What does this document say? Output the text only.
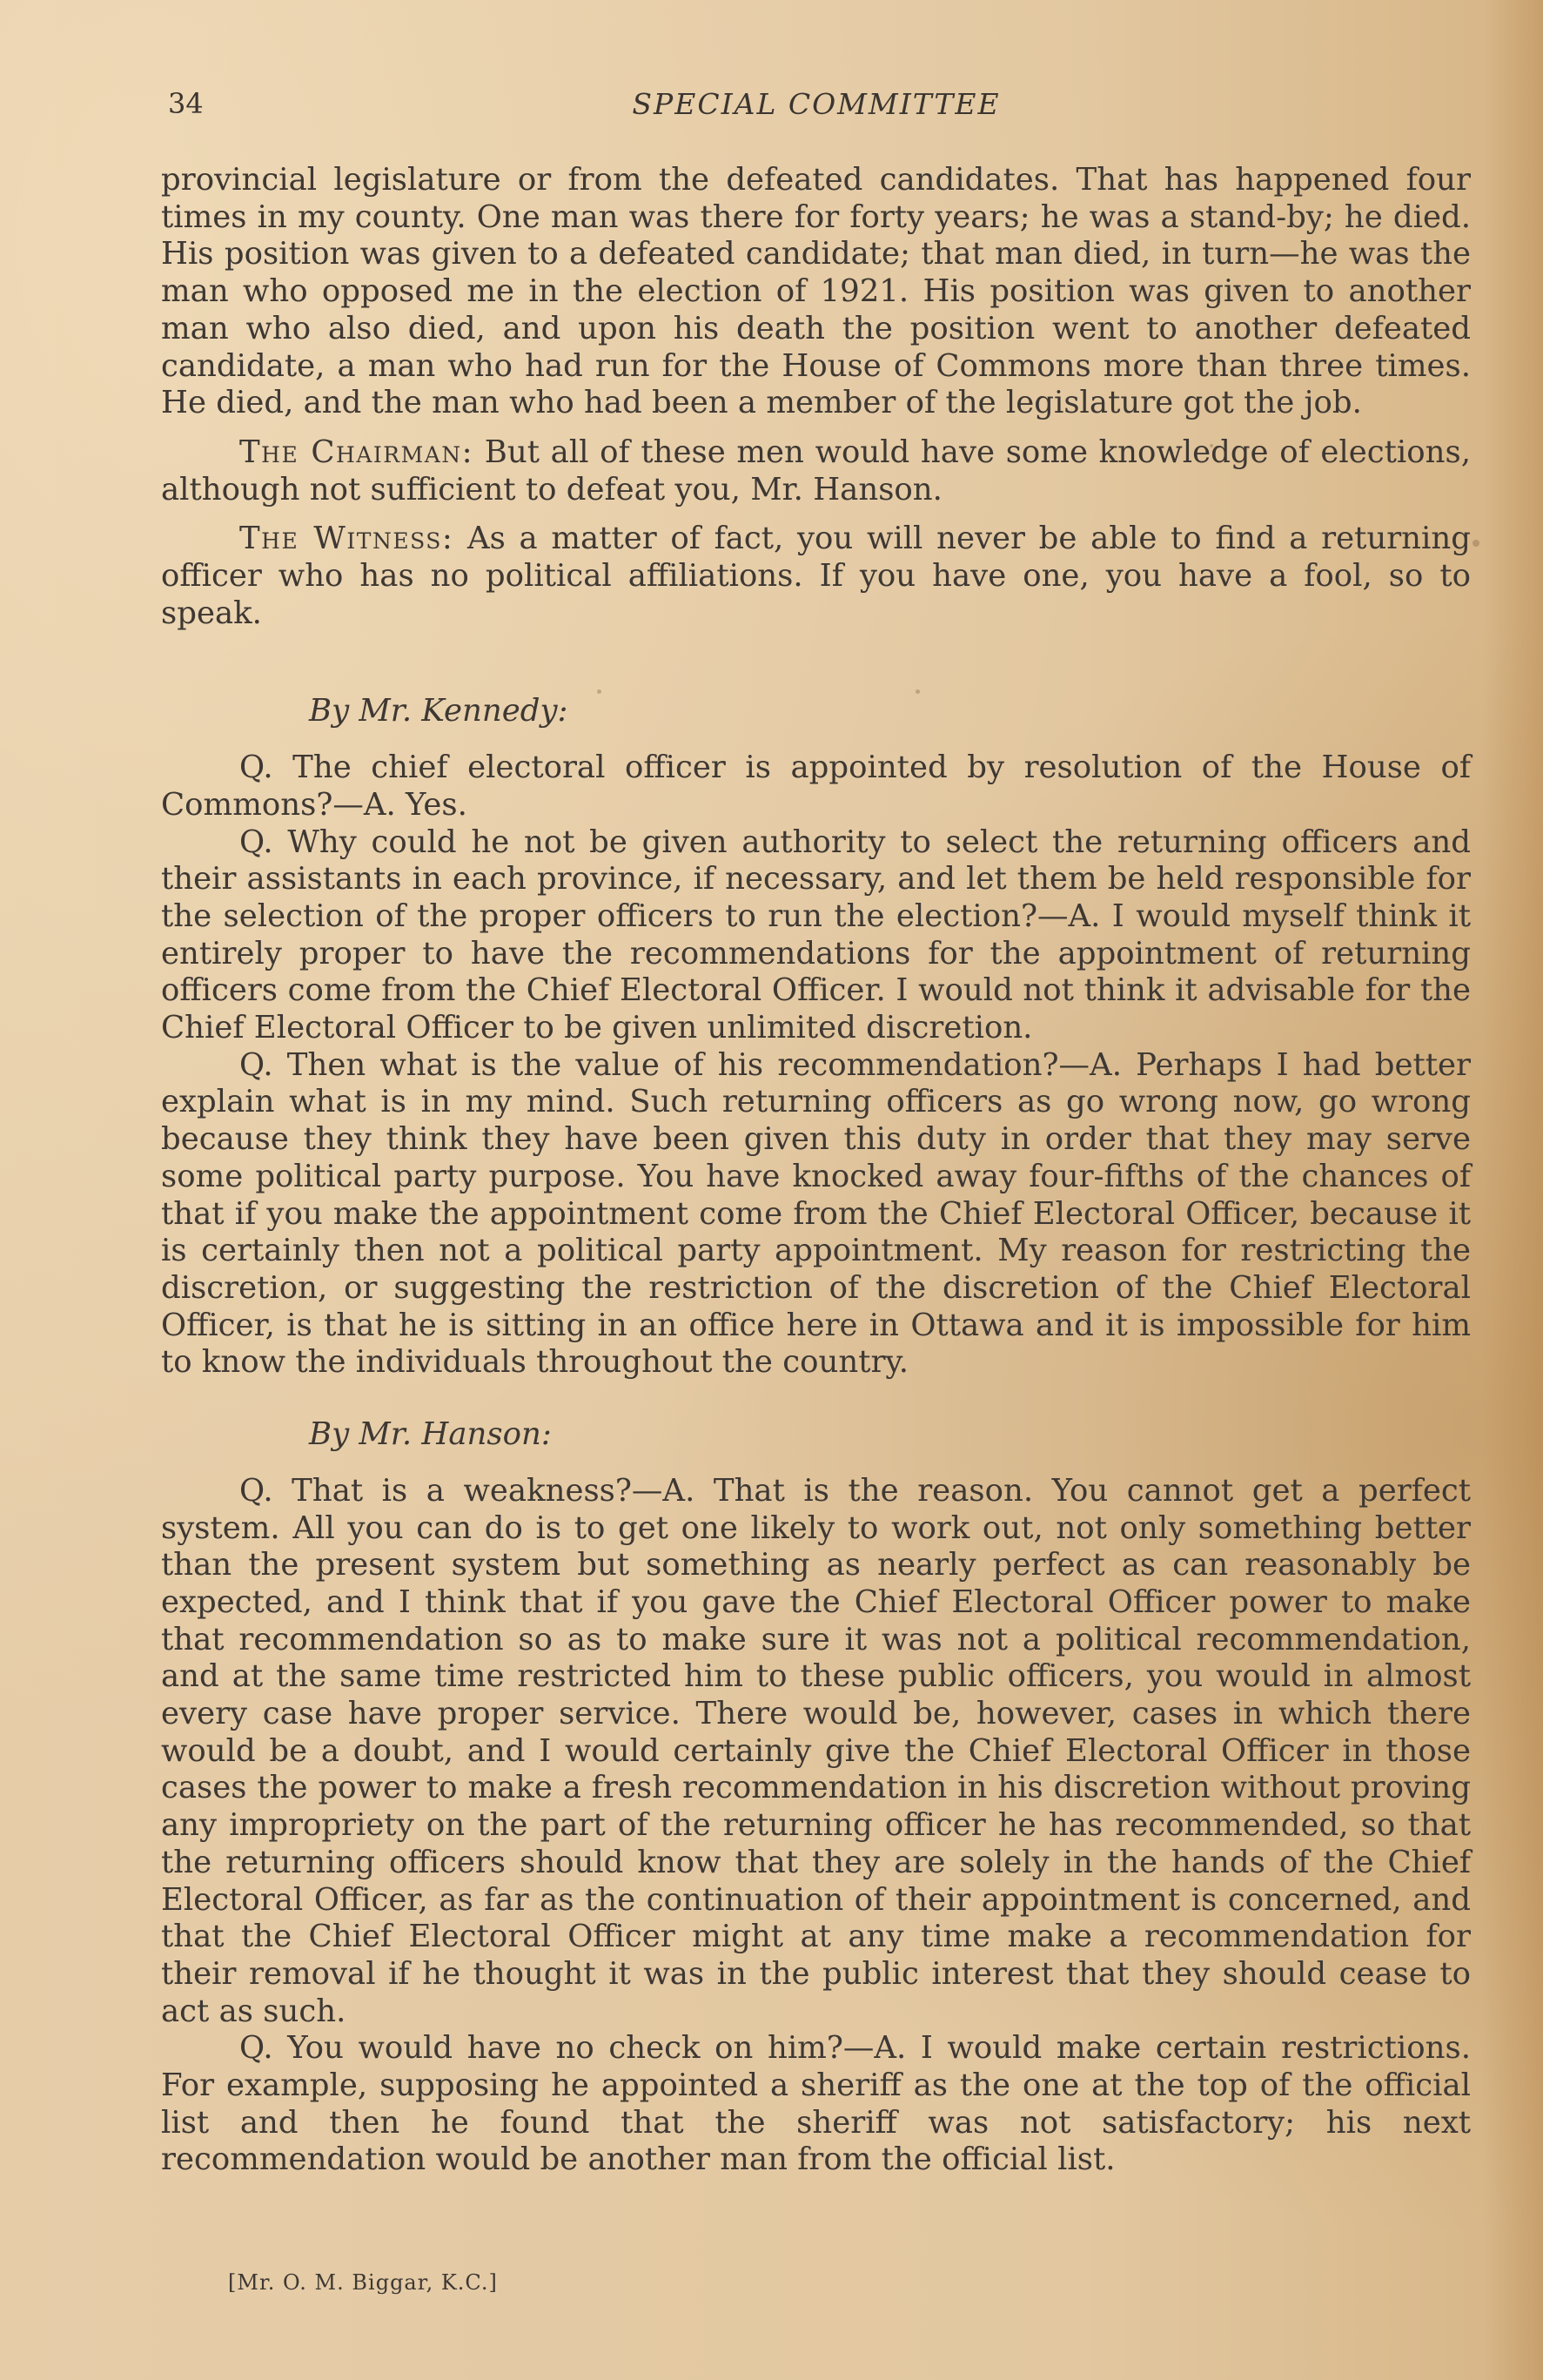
34	SPECIAL COMMITTEE

provincial legislature or from the defeated candidates. That has happened four times in my county. One man was there for forty years; he was a stand-by; he died. His position was given to a defeated candidate; that man died, in turn—he was the man who opposed me in the election of 1921. His position was given to another man who also died, and upon his death the position went to another defeated candidate, a man who had run for the House of Commons more than three times. He died, and the man who had been a member of the legislature got the job.

The Chairman: But all of these men would have some knowledge of elections, although not sufficient to defeat you, Mr. Hanson.

The Witness: As a matter of fact, you will never be able to find a returning officer who has no political affiliations. If you have one, you have a fool, so to speak.

By Mr. Kennedy:

Q. The chief electoral officer is appointed by resolution of the House of Commons?—A. Yes.

Q. Why could he not be given authority to select the returning officers and their assistants in each province, if necessary, and let them be held responsible for the selection of the proper officers to run the election?—A. I would myself think it entirely proper to have the recommendations for the appointment of returning officers come from the Chief Electoral Officer. I would not think it advisable for the Chief Electoral Officer to be given unlimited discretion.

Q. Then what is the value of his recommendation?—A. Perhaps I had better explain what is in my mind. Such returning officers as go wrong now, go wrong because they think they have been given this duty in order that they may serve some political party purpose. You have knocked away four-fifths of the chances of that if you make the appointment come from the Chief Electoral Officer, because it is certainly then not a political party appointment. My reason for restricting the discretion, or suggesting the restriction of the discretion of the Chief Electoral Officer, is that he is sitting in an office here in Ottawa and it is impossible for him to know the individuals throughout the country.

By Mr. Hanson:

Q. That is a weakness?—A. That is the reason. You cannot get a perfect system. All you can do is to get one likely to work out, not only something better than the present system but something as nearly perfect as can reasonably be expected, and I think that if you gave the Chief Electoral Officer power to make that recommendation so as to make sure it was not a political recommendation, and at the same time restricted him to these public officers, you would in almost every case have proper service. There would be, however, cases in which there would be a doubt, and I would certainly give the Chief Electoral Officer in those cases the power to make a fresh recommendation in his discretion without proving any impropriety on the part of the returning officer he has recommended, so that the returning officers should know that they are solely in the hands of the Chief Electoral Officer, as far as the continuation of their appointment is concerned, and that the Chief Electoral Officer might at any time make a recommendation for their removal if he thought it was in the public interest that they should cease to act as such.

Q. You would have no check on him?—A. I would make certain restrictions. For example, supposing he appointed a sheriff as the one at the top of the official list and then he found that the sheriff was not satisfactory; his next recommendation would be another man from the official list.

[Mr. O. M. Biggar, K.C.]
